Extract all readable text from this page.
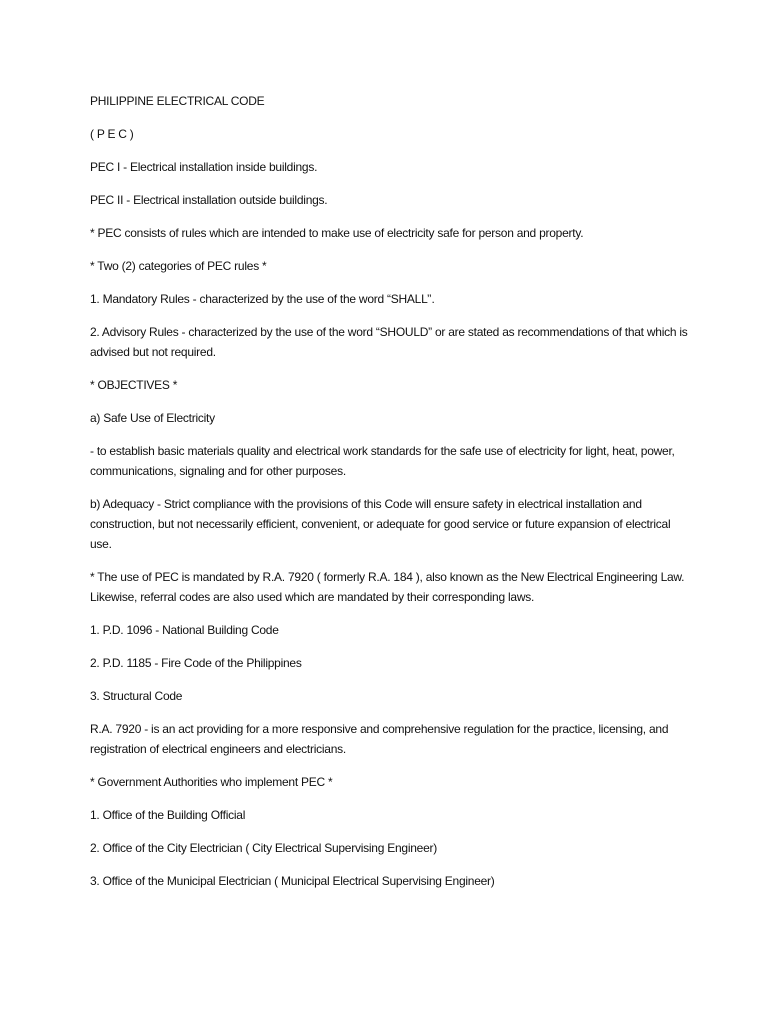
PHILIPPINE ELECTRICAL CODE

( P E C )

PEC I - Electrical installation inside buildings.

PEC II - Electrical installation outside buildings.

* PEC consists of rules which are intended to make use of electricity safe for person and property.

* Two (2) categories of PEC rules *

1. Mandatory Rules - characterized by the use of the word “SHALL’’.

2. Advisory Rules - characterized by the use of the word “SHOULD” or are stated as recommendations of that which is advised but not required.

* OBJECTIVES *

a) Safe Use of Electricity

- to establish basic materials quality and electrical work standards for the safe use of electricity for light, heat, power, communications, signaling and for other purposes.

b) Adequacy - Strict compliance with the provisions of this Code will ensure safety in electrical installation and construction, but not necessarily efficient, convenient, or adequate for good service or future expansion of electrical use.

* The use of PEC is mandated by R.A. 7920 ( formerly R.A. 184 ), also known as the New Electrical Engineering Law. Likewise, referral codes are also used which are mandated by their corresponding laws.

1. P.D. 1096 - National Building Code

2. P.D. 1185 - Fire Code of the Philippines

3. Structural Code

R.A. 7920 - is an act providing for a more responsive and comprehensive regulation for the practice, licensing, and registration of electrical engineers and electricians.

* Government Authorities who implement PEC *

1. Office of the Building Official

2. Office of the City Electrician ( City Electrical Supervising Engineer)

3. Office of the Municipal Electrician ( Municipal Electrical Supervising Engineer)
